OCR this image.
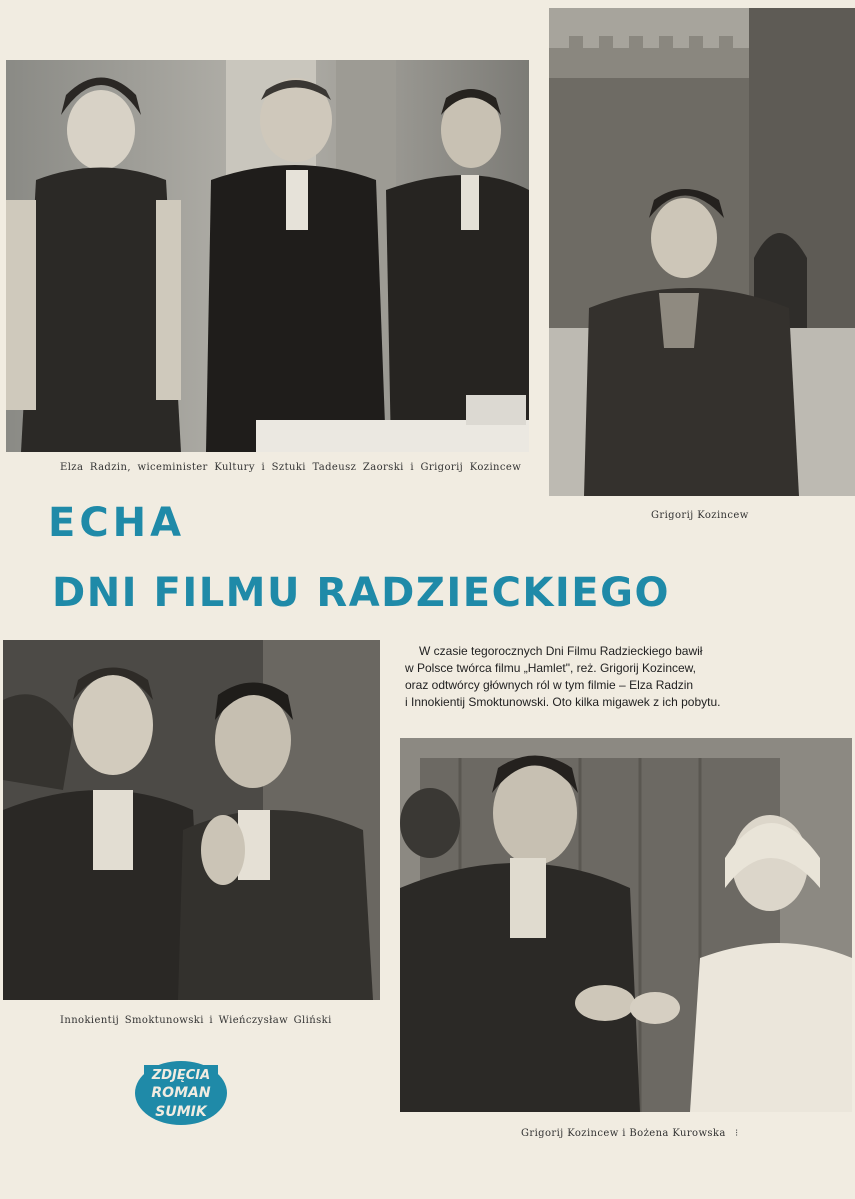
Elza Radzin, wiceminister Kultury i Sztuki Tadeusz Zaorski i Grigorij Kozincew
Grigorij Kozincew
ECHA
DNI FILMU RADZIECKIEGO
Innokientij Smoktunowski i Wieńczysław Gliński
W czasie tegorocznych Dni Filmu Radzieckiego bawił
w Polsce twórca filmu „Hamlet", reż. Grigorij Kozincew,
oraz odtwórcy głównych ról w tym filmie – Elza Radzin
i Innokientij Smoktunowski. Oto kilka migawek z ich pobytu.
Grigorij Kozincew i Bożena Kurowska ⁝
ZDJĘCIA
ROMAN
SUMIK
